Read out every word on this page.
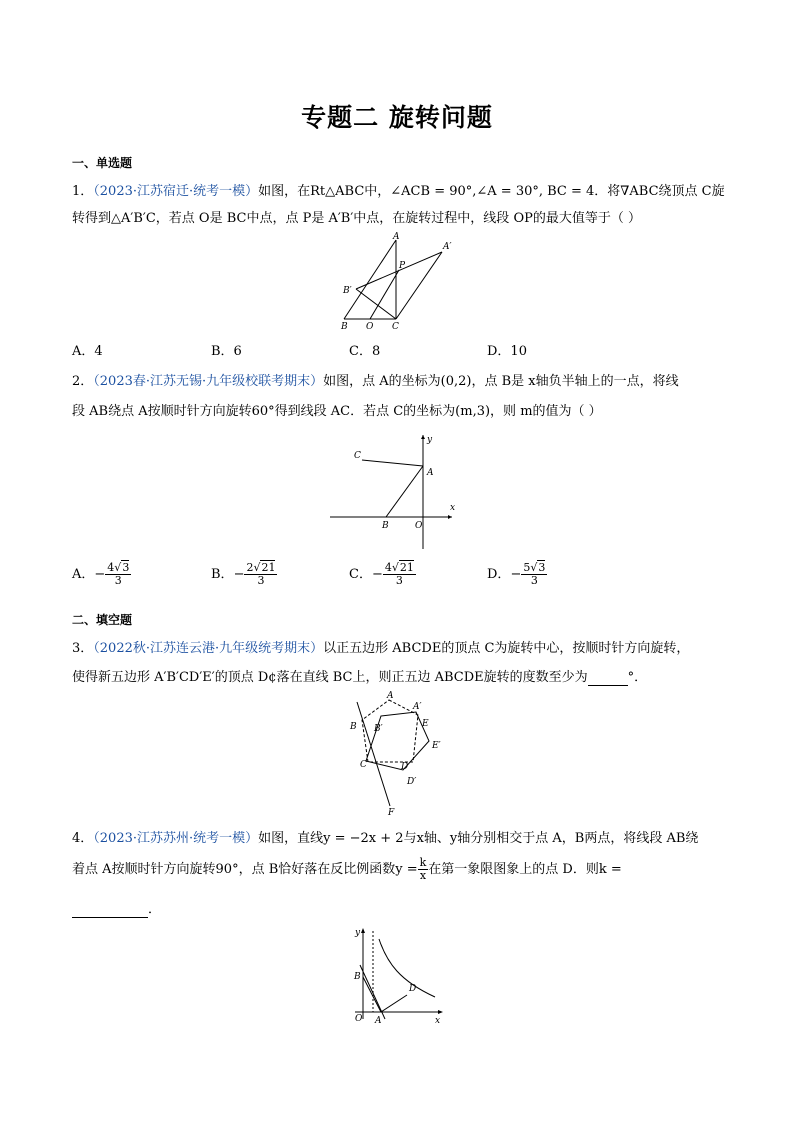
专题二 旋转问题
一、单选题
1．（2023·江苏宿迁·统考一模）如图，在Rt△ABC中，∠ACB = 90°,∠A = 30°, BC = 4．将∇ABC绕顶点 C旋
转得到△A′B′C，若点 O是 BC中点，点 P是 A′B′中点，在旋转过程中，线段 OP的最大值等于（ ）
A
A′
P
B′
B O C
A．4	B．6	C．8	D．10
2．（2023春·江苏无锡·九年级校联考期末）如图，点 A的坐标为(0,2)，点 B是 x轴负半轴上的一点，将线
段 AB绕点 A按顺时针方向旋转60°得到线段 AC．若点 C的坐标为(m,3)，则 m的值为（ ）
y
C
A
x
B	O
A．− $\frac{4√3}{3}$	B．− $\frac{2√21}{3}$	C．− $\frac{4√21}{3}$	D．− $\frac{5√3}{3}$
二、填空题
3．（2022秋·江苏连云港·九年级统考期末）以正五边形 ABCDE的顶点 C为旋转中心，按顺时针方向旋转，
使得新五边形 A′B′CD′E′的顶点 D¢落在直线 BC上，则正五边 ABCDE旋转的度数至少为	°．
A
A′
B B′	E
E′
C	D
D′
F
4．（2023·江苏苏州·统考一模）如图，直线y = −2x + 2与x轴、y轴分别相交于点 A，B两点，将线段 AB绕
着点 A按顺时针方向旋转90°，点 B恰好落在反比例函数$y = \frac{k}{x}$ 在第一象限图象上的点 D．则k =
．
y
B
D
O A	x
